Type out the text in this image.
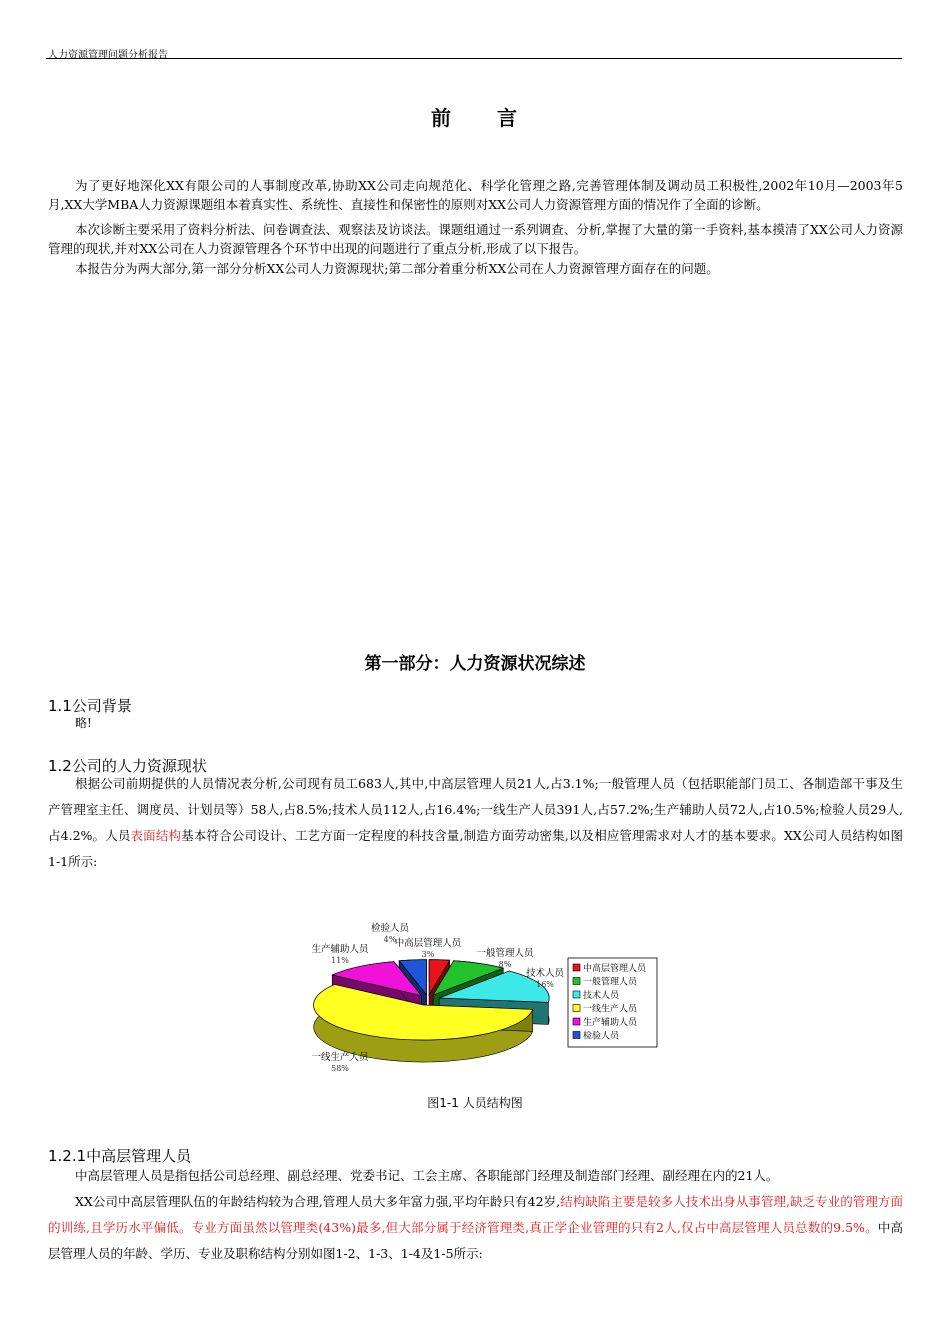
人力资源管理问题分析报告
前 言

为了更好地深化XX有限公司的人事制度改革,协助XX公司走向规范化、科学化管理之路,完善管理体制及调动员工积极性,2002年10月—2003年5月,XX大学MBA人力资源课题组本着真实性、系统性、直接性和保密性的原则对XX公司人力资源管理方面的情况作了全面的诊断。

本次诊断主要采用了资料分析法、问卷调查法、观察法及访谈法。课题组通过一系列调查、分析,掌握了大量的第一手资料,基本摸清了XX公司人力资源管理的现状,并对XX公司在人力资源管理各个环节中出现的问题进行了重点分析,形成了以下报告。

本报告分为两大部分,第一部分分析XX公司人力资源现状;第二部分着重分析XX公司在人力资源管理方面存在的问题。

第一部分：人力资源状况综述
1.1公司背景
略!
1.2公司的人力资源现状

根据公司前期提供的人员情况表分析,公司现有员工683人,其中,中高层管理人员21人,占3.1%;一般管理人员（包括职能部门员工、各制造部干事及生产管理室主任、调度员、计划员等）58人,占8.5%;技术人员112人,占16.4%;一线生产人员391人,占57.2%;生产辅助人员72人,占10.5%;检验人员29人,占4.2%。人员表面结构基本符合公司设计、工艺方面一定程度的科技含量,制造方面劳动密集,以及相应管理需求对人才的基本要求。XX公司人员结构如图1-1所示:

中高层管理人员
3%	一般管理人员
8%
技术人员
16%
一线生产人员
58%
生产辅助人员
11%
检验人员
4%
中高层管理人员
一般管理人员
技术人员
一线生产人员
生产辅助人员
检验人员
图1-1 人员结构图
1.2.1中高层管理人员

中高层管理人员是指包括公司总经理、副总经理、党委书记、工会主席、各职能部门经理及制造部门经理、副经理在内的21人。

XX公司中高层管理队伍的年龄结构较为合理,管理人员大多年富力强,平均年龄只有42岁,结构缺陷主要是较多人技术出身从事管理,缺乏专业的管理方面的训练,且学历水平偏低。专业方面虽然以管理类(43%)最多,但大部分属于经济管理类,真正学企业管理的只有2人,仅占中高层管理人员总数的9.5%。中高层管理人员的年龄、学历、专业及职称结构分别如图1-2、1-3、1-4及1-5所示:
